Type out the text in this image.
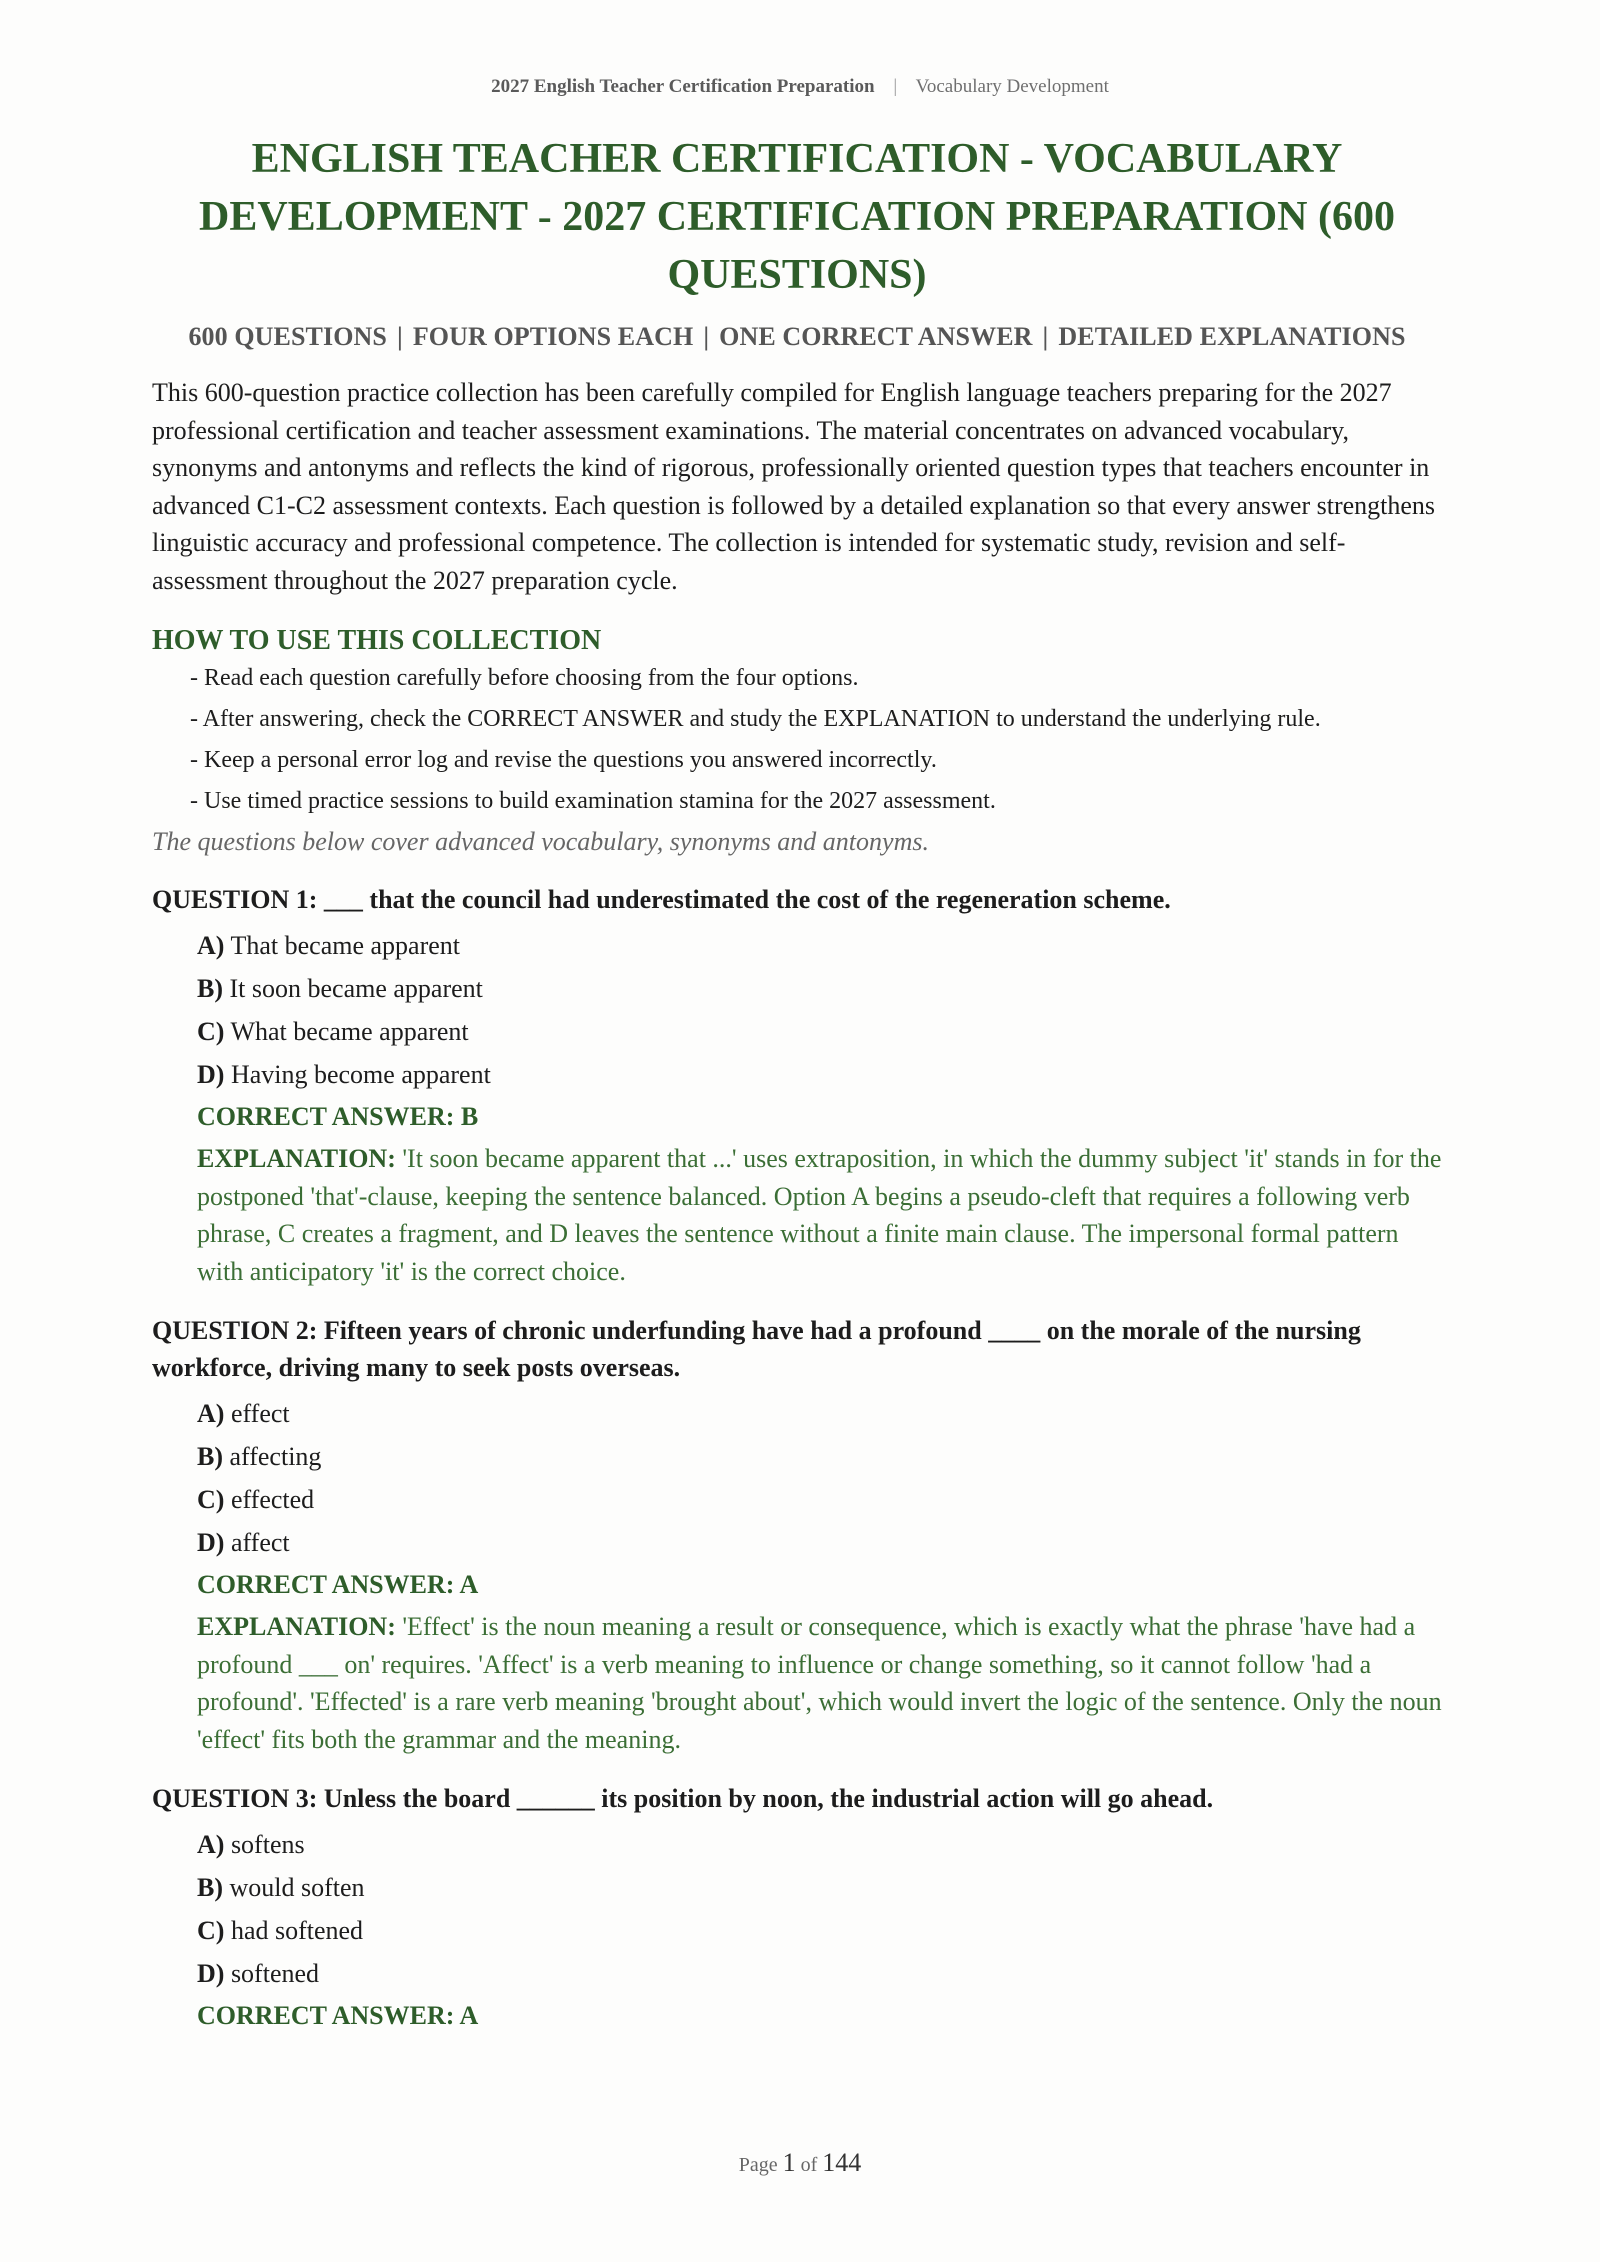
2027 English Teacher Certification Preparation | Vocabulary Development
ENGLISH TEACHER CERTIFICATION - VOCABULARY DEVELOPMENT - 2027 CERTIFICATION PREPARATION (600 QUESTIONS)
600 QUESTIONS | FOUR OPTIONS EACH | ONE CORRECT ANSWER | DETAILED EXPLANATIONS

This 600-question practice collection has been carefully compiled for English language teachers preparing for the 2027 professional certification and teacher assessment examinations. The material concentrates on advanced vocabulary, synonyms and antonyms and reflects the kind of rigorous, professionally oriented question types that teachers encounter in advanced C1-C2 assessment contexts. Each question is followed by a detailed explanation so that every answer strengthens linguistic accuracy and professional competence. The collection is intended for systematic study, revision and self-assessment throughout the 2027 preparation cycle.

HOW TO USE THIS COLLECTION
- Read each question carefully before choosing from the four options.
- After answering, check the CORRECT ANSWER and study the EXPLANATION to understand the underlying rule.
- Keep a personal error log and revise the questions you answered incorrectly.
- Use timed practice sessions to build examination stamina for the 2027 assessment.
The questions below cover advanced vocabulary, synonyms and antonyms.
QUESTION 1: ___ that the council had underestimated the cost of the regeneration scheme.
A) That became apparent
B) It soon became apparent
C) What became apparent
D) Having become apparent
CORRECT ANSWER: B
EXPLANATION: 'It soon became apparent that ...' uses extraposition, in which the dummy subject 'it' stands in for the postponed 'that'-clause, keeping the sentence balanced. Option A begins a pseudo-cleft that requires a following verb phrase, C creates a fragment, and D leaves the sentence without a finite main clause. The impersonal formal pattern with anticipatory 'it' is the correct choice.
QUESTION 2: Fifteen years of chronic underfunding have had a profound ____ on the morale of the nursing workforce, driving many to seek posts overseas.
A) effect
B) affecting
C) effected
D) affect
CORRECT ANSWER: A
EXPLANATION: 'Effect' is the noun meaning a result or consequence, which is exactly what the phrase 'have had a profound ___ on' requires. 'Affect' is a verb meaning to influence or change something, so it cannot follow 'had a profound'. 'Effected' is a rare verb meaning 'brought about', which would invert the logic of the sentence. Only the noun 'effect' fits both the grammar and the meaning.
QUESTION 3: Unless the board ______ its position by noon, the industrial action will go ahead.
A) softens
B) would soften
C) had softened
D) softened
CORRECT ANSWER: A
Page 1 of 144
